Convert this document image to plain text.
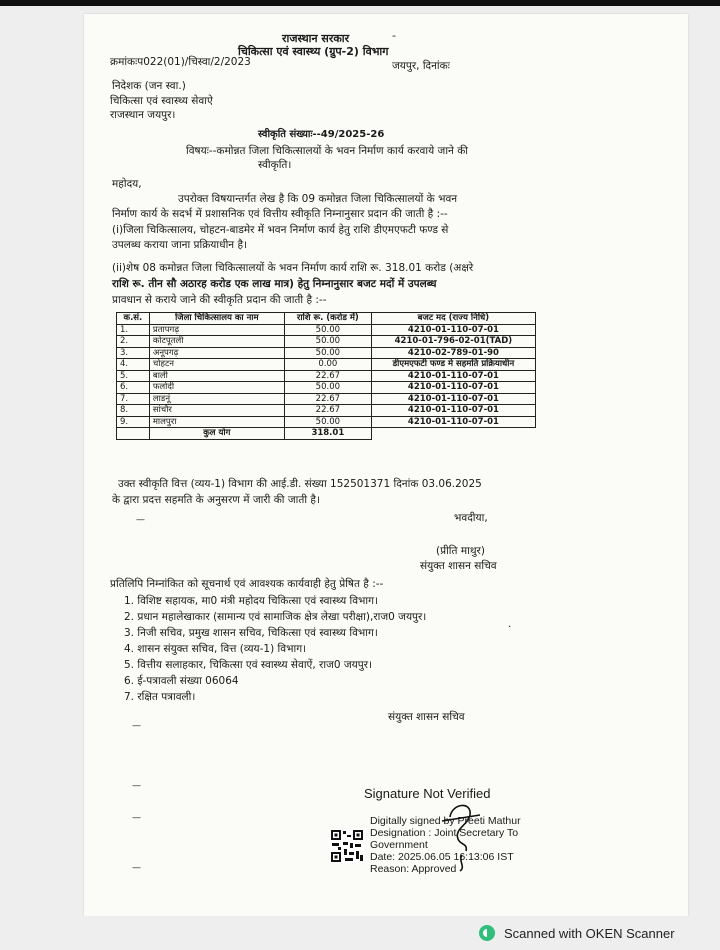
राजस्थान सरकार	-
चिकित्सा एवं स्वास्थ्य (ग्रुप-2) विभाग
क्रमांकःप022(01)/चिस्वा/2/2023	जयपुर, दिनांकः
निदेशक (जन स्वा.)
चिकित्सा एवं स्वास्थ्य सेवाऐ
राजस्थान जयपुर।
स्वीकृति संख्याः--49/2025-26
विषयः--कमोन्नत जिला चिकित्सालयों के भवन निर्माण कार्य करवाये जाने की
स्वीकृति।
महोदय,
उपरोक्त विषयान्तर्गत लेख है कि 09 कमोन्नत जिला चिकित्सालयों के भवन
निर्माण कार्य के सदर्भ में प्रशासनिक एवं वित्तीय स्वीकृति निम्नानुसार प्रदान की जाती है :--
(i)जिला चिकित्सालय, चोहटन-बाडमेर में भवन निर्माण कार्य हेतु राशि डीएमएफटी फण्ड से
उपलब्ध कराया जाना प्रक्रियाधीन है।
(ii)शेष 08 कमोन्नत जिला चिकित्सालयों के भवन निर्माण कार्य राशि रू. 318.01 करोड (अक्षरे
राशि रू. तीन सौ अठारह करोड एक लाख मात्र) हेतु निम्नानुसार बजट मदों में उपलब्ध
प्रावधान से कराये जाने की स्वीकृति प्रदान की जाती है :--
क.सं.	जिला चिकित्सालय का नाम	राशि रू. (करोड में)	बजट मद (राज्य निधि)
1.	प्रतापगढ़	50.00	4210-01-110-07-01
2.	कोटपूतली	50.00	4210-01-796-02-01(TAD)
3.	अनूपगढ़	50.00	4210-02-789-01-90
4.	चोहटन	0.00	डीएमएफटी फण्ड मे सहमति प्रक्रियाधीन
5.	बाली	22.67	4210-01-110-07-01
6.	फलोदी	50.00	4210-01-110-07-01
7.	लाडनूं	22.67	4210-01-110-07-01
8.	सांचौर	22.67	4210-01-110-07-01
9.	मालपुरा	50.00	4210-01-110-07-01
	कुल योग	318.01	
उक्त स्वीकृति वित्त (व्यय-1) विभाग की आई.डी. संख्या 152501371 दिनांक 03.06.2025
के द्वारा प्रदत्त सहमति के अनुसरण में जारी की जाती है।
—	भवदीया,
(प्रीति माथुर)
संयुक्त शासन सचिव
प्रतिलिपि निम्नांकित को सूचनार्थ एवं आवश्यक कार्यवाही हेतु प्रेषित है :--
1. विशिष्ट सहायक, मा0 मंत्री महोदय चिकित्सा एवं स्वास्थ्य विभाग।
2. प्रधान महालेखाकार (सामान्य एवं सामाजिक क्षेत्र लेखा परीक्षा),राज0 जयपुर।
3. निजी सचिव, प्रमुख शासन सचिव, चिकित्सा एवं स्वास्थ्य विभाग।
4. शासन संयुक्त सचिव, वित्त (व्यय-1) विभाग।
5. वित्तीय सलाहकार, चिकित्सा एवं स्वास्थ्य सेवाऐं, राज0 जयपुर।
6. ई-पत्रावली संख्या 06064
7. रक्षित पत्रावली।
—
संयुक्त शासन सचिव
.
—
—
—
Signature Not Verified
Digitally signed by Preeti Mathur
Designation : Joint Secretary To
Government
Date: 2025.06.05 16:13:06 IST
Reason: Approved
Scanned with OKEN Scanner
